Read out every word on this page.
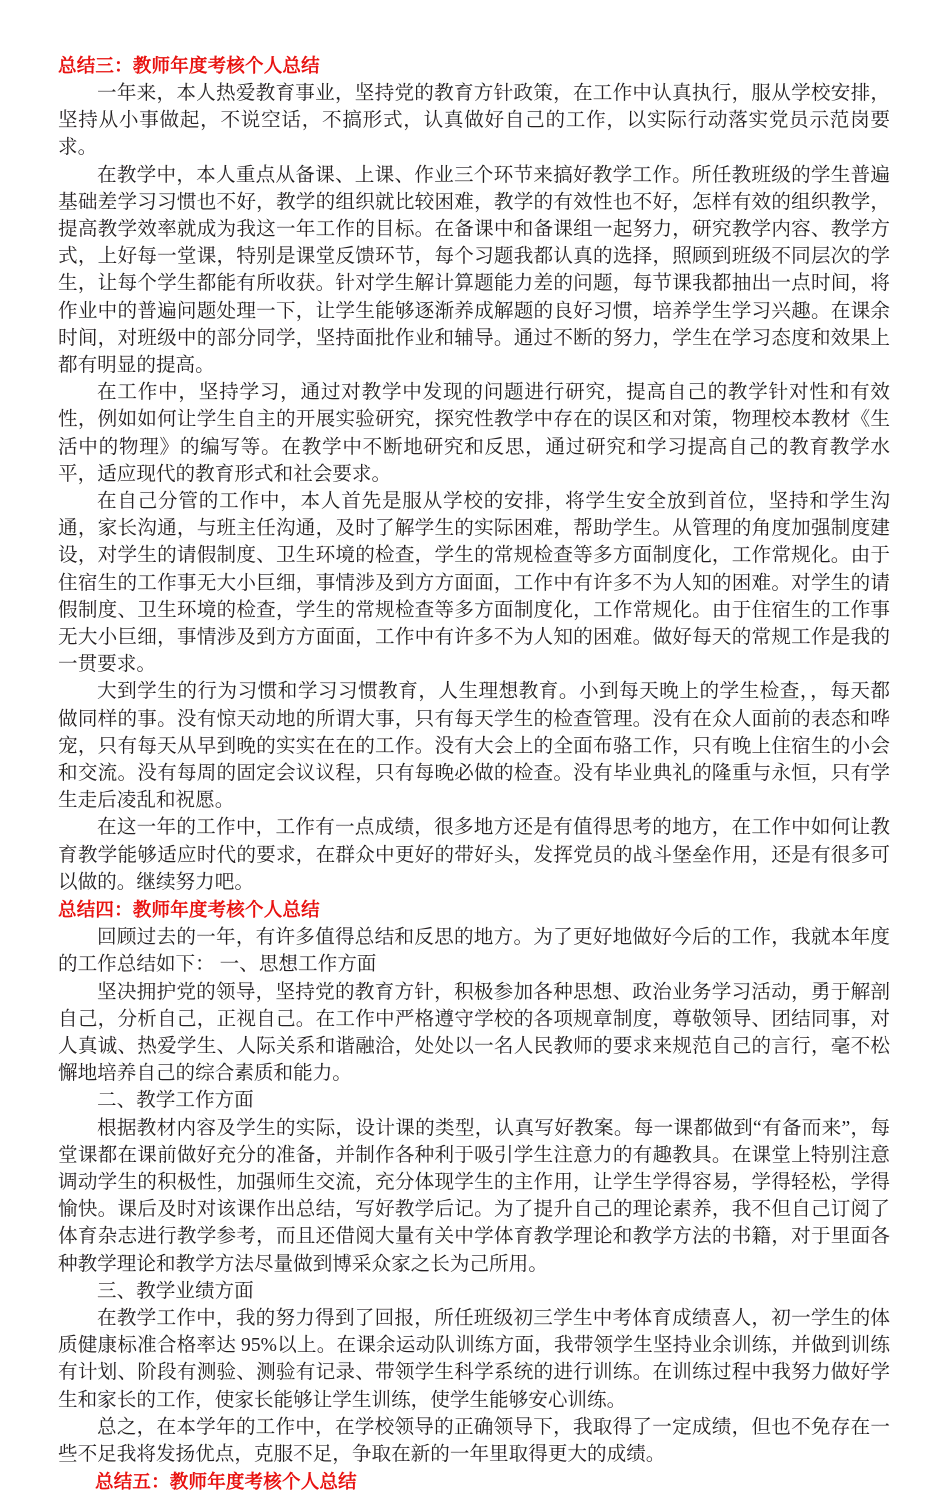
总结三：教师年度考核个人总结

一年来，本人热爱教育事业，坚持党的教育方针政策，在工作中认真执行，服从学校安排，坚持从小事做起，不说空话，不搞形式，认真做好自己的工作，以实际行动落实党员示范岗要求。

在教学中，本人重点从备课、上课、作业三个环节来搞好教学工作。所任教班级的学生普遍基础差学习习惯也不好，教学的组织就比较困难，教学的有效性也不好，怎样有效的组织教学，提高教学效率就成为我这一年工作的目标。在备课中和备课组一起努力，研究教学内容、教学方式，上好每一堂课，特别是课堂反馈环节，每个习题我都认真的选择，照顾到班级不同层次的学生，让每个学生都能有所收获。针对学生解计算题能力差的问题，每节课我都抽出一点时间，将作业中的普遍问题处理一下，让学生能够逐渐养成解题的良好习惯，培养学生学习兴趣。在课余时间，对班级中的部分同学，坚持面批作业和辅导。通过不断的努力，学生在学习态度和效果上都有明显的提高。

在工作中，坚持学习，通过对教学中发现的问题进行研究，提高自己的教学针对性和有效性，例如如何让学生自主的开展实验研究，探究性教学中存在的误区和对策，物理校本教材《生活中的物理》的编写等。在教学中不断地研究和反思，通过研究和学习提高自己的教育教学水平，适应现代的教育形式和社会要求。

在自己分管的工作中，本人首先是服从学校的安排，将学生安全放到首位，坚持和学生沟通，家长沟通，与班主任沟通，及时了解学生的实际困难，帮助学生。从管理的角度加强制度建设，对学生的请假制度、卫生环境的检查，学生的常规检查等多方面制度化，工作常规化。由于住宿生的工作事无大小巨细，事情涉及到方方面面，工作中有许多不为人知的困难。对学生的请假制度、卫生环境的检查，学生的常规检查等多方面制度化，工作常规化。由于住宿生的工作事无大小巨细，事情涉及到方方面面，工作中有许多不为人知的困难。做好每天的常规工作是我的一贯要求。

大到学生的行为习惯和学习习惯教育，人生理想教育。小到每天晚上的学生检查，，每天都做同样的事。没有惊天动地的所谓大事，只有每天学生的检查管理。没有在众人面前的表态和哗宠，只有每天从早到晚的实实在在的工作。没有大会上的全面布骆工作，只有晚上住宿生的小会和交流。没有每周的固定会议议程，只有每晚必做的检查。没有毕业典礼的隆重与永恒，只有学生走后凌乱和祝愿。

在这一年的工作中，工作有一点成绩，很多地方还是有值得思考的地方，在工作中如何让教育教学能够适应时代的要求，在群众中更好的带好头，发挥党员的战斗堡垒作用，还是有很多可以做的。继续努力吧。

总结四：教师年度考核个人总结

回顾过去的一年，有许多值得总结和反思的地方。为了更好地做好今后的工作，我就本年度的工作总结如下： 一、思想工作方面

坚决拥护党的领导，坚持党的教育方针，积极参加各种思想、政治业务学习活动，勇于解剖自己，分析自己，正视自己。在工作中严格遵守学校的各项规章制度，尊敬领导、团结同事，对人真诚、热爱学生、人际关系和谐融洽，处处以一名人民教师的要求来规范自己的言行，毫不松懈地培养自己的综合素质和能力。

二、教学工作方面

根据教材内容及学生的实际，设计课的类型，认真写好教案。每一课都做到“有备而来”，每堂课都在课前做好充分的准备，并制作各种利于吸引学生注意力的有趣教具。在课堂上特别注意调动学生的积极性，加强师生交流，充分体现学生的主作用，让学生学得容易，学得轻松，学得愉快。课后及时对该课作出总结，写好教学后记。为了提升自己的理论素养，我不但自己订阅了体育杂志进行教学参考，而且还借阅大量有关中学体育教学理论和教学方法的书籍，对于里面各种教学理论和教学方法尽量做到博采众家之长为己所用。

三、教学业绩方面

在教学工作中，我的努力得到了回报，所任班级初三学生中考体育成绩喜人，初一学生的体质健康标准合格率达 95%以上。在课余运动队训练方面，我带领学生坚持业余训练，并做到训练有计划、阶段有测验、测验有记录、带领学生科学系统的进行训练。在训练过程中我努力做好学生和家长的工作，使家长能够让学生训练，使学生能够安心训练。

总之，在本学年的工作中，在学校领导的正确领导下，我取得了一定成绩，但也不免存在一些不足我将发扬优点，克服不足，争取在新的一年里取得更大的成绩。

总结五：教师年度考核个人总结
